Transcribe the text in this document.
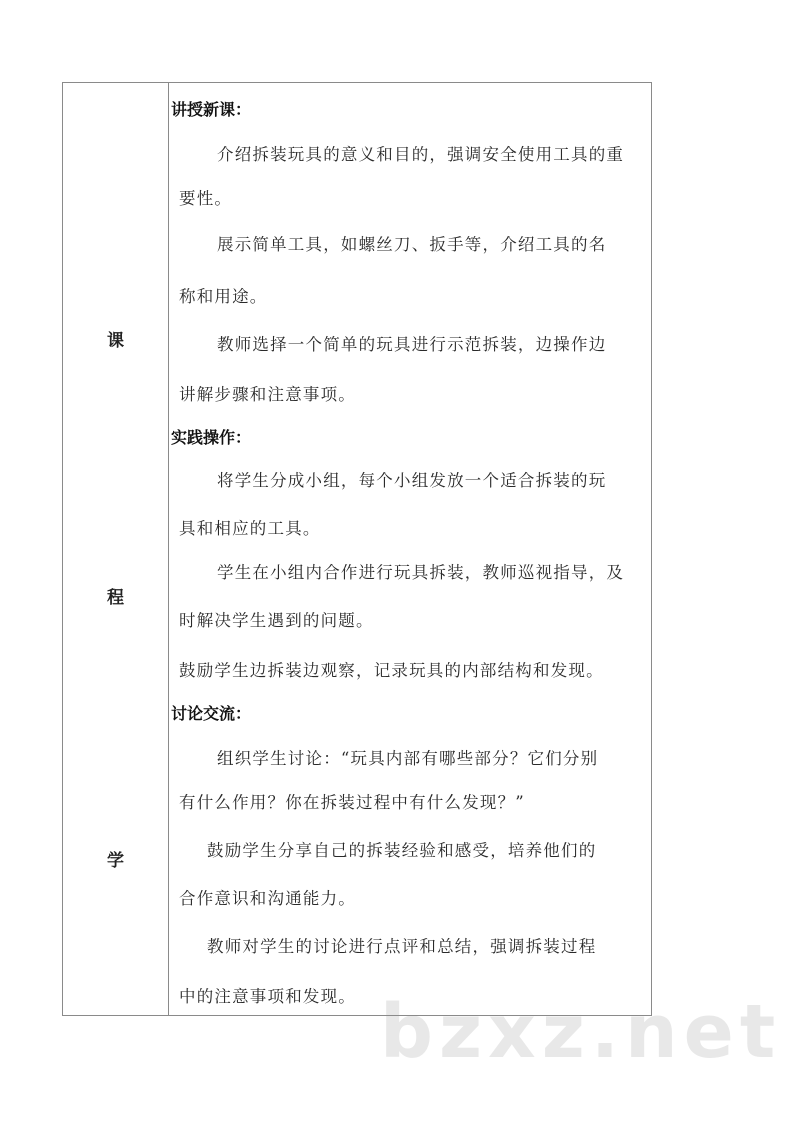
bzxz.net
课
程
学
讲授新课：
介绍拆装玩具的意义和目的，强调安全使用工具的重
要性。
展示简单工具，如螺丝刀、扳手等，介绍工具的名
称和用途。
教师选择一个简单的玩具进行示范拆装，边操作边
讲解步骤和注意事项。
实践操作：
将学生分成小组，每个小组发放一个适合拆装的玩
具和相应的工具。
学生在小组内合作进行玩具拆装，教师巡视指导，及
时解决学生遇到的问题。
鼓励学生边拆装边观察，记录玩具的内部结构和发现。
讨论交流：
组织学生讨论：“玩具内部有哪些部分？它们分别
有什么作用？你在拆装过程中有什么发现？”
鼓励学生分享自己的拆装经验和感受，培养他们的
合作意识和沟通能力。
教师对学生的讨论进行点评和总结，强调拆装过程
中的注意事项和发现。
